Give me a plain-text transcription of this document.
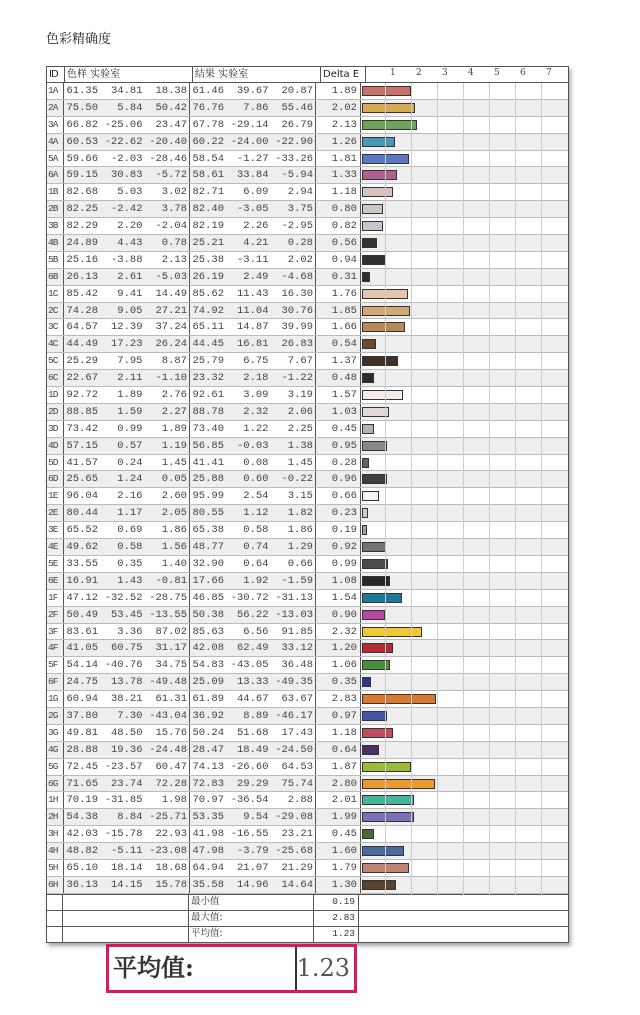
色彩精确度
ID 色样 实验室	结果 实验室	Delta E	1 2 3 4 5 6 7
1A 61.35	34.81	18.38 61.46	39.67	20.87	1.89
2A 75.50	5.84	50.42 76.76	7.86	55.46	2.02
3A 66.82 -25.06	23.47 67.78 -29.14	26.79	2.13
4A 60.53 -22.62 -20.40 60.22 -24.00 -22.90	1.26
5A 59.66	-2.03 -28.46 58.54	-1.27 -33.26	1.81
6A 59.15	30.83	-5.72 58.61	33.84	-5.94	1.33
1B 82.68	5.03	3.02 82.71	6.09	2.94	1.18
2B 82.25	-2.42	3.78 82.40	-3.05	3.75	0.80
3B 82.29	2.20	-2.04 82.19	2.26	-2.95	0.82
4B 24.89	4.43	0.78 25.21	4.21	0.28	0.56
5B 25.16	-3.88	2.13 25.38	-3.11	2.02	0.94
6B 26.13	2.61	-5.03 26.19	2.49	-4.68	0.31
1C 85.42	9.41	14.49 85.62	11.43	16.30	1.76
2C 74.28	9.05	27.21 74.92	11.04	30.76	1.85
3C 64.57	12.39	37.24 65.11	14.87	39.99	1.66
4C 44.49	17.23	26.24 44.45	16.81	26.83	0.54
5C 25.29	7.95	8.87 25.79	6.75	7.67	1.37
6C 22.67	2.11	-1.10 23.32	2.18	-1.22	0.48
1D 92.72	1.89	2.76 92.61	3.09	3.19	1.57
2D 88.85	1.59	2.27 88.78	2.32	2.06	1.03
3D 73.42	0.99	1.89 73.40	1.22	2.25	0.45
4D 57.15	0.57	1.19 56.85	-0.03	1.38	0.95
5D 41.57	0.24	1.45 41.41	0.08	1.45	0.28
6D 25.65	1.24	0.05 25.88	0.60	-0.22	0.96
1E 96.04	2.16	2.60 95.99	2.54	3.15	0.66
2E 80.44	1.17	2.05 80.55	1.12	1.82	0.23
3E 65.52	0.69	1.86 65.38	0.58	1.86	0.19
4E 49.62	0.58	1.56 48.77	0.74	1.29	0.92
5E 33.55	0.35	1.40 32.90	0.64	0.66	0.99
6E 16.91	1.43	-0.81 17.66	1.92	-1.59	1.08
1F 47.12 -32.52 -28.75 46.85 -30.72 -31.13	1.54
2F 50.49	53.45 -13.55 50.38	56.22 -13.03	0.90
3F 83.61	3.36	87.02 85.63	6.56	91.85	2.32
4F 41.05	60.75	31.17 42.08	62.49	33.12	1.20
5F 54.14 -40.76	34.75 54.83 -43.05	36.48	1.06
6F 24.75	13.78 -49.48 25.09	13.33 -49.35	0.35
1G 60.94	38.21	61.31 61.89	44.67	63.67	2.83
2G 37.80	7.30 -43.04 36.92	8.89 -46.17	0.97
3G 49.81	48.50	15.76 50.24	51.68	17.43	1.18
4G 28.88	19.36 -24.48 28.47	18.49 -24.50	0.64
5G 72.45 -23.57	60.47 74.13 -26.60	64.53	1.87
6G 71.65	23.74	72.28 72.83	29.29	75.74	2.80
1H 70.19 -31.85	1.98 70.97 -36.54	2.88	2.01
2H 54.38	8.84 -25.71 53.35	9.54 -29.08	1.99
3H 42.03 -15.78	22.93 41.98 -16.55	23.21	0.45
4H 48.82	-5.11 -23.08 47.98	-3.79 -25.68	1.60
5H 65.10	18.14	18.68 64.94	21.07	21.29	1.79
6H 36.13	14.15	15.78 35.58	14.96	14.64	1.30
最小值	0.19
最大值:	2.83
平均值:	1.23
平均值:	1.23
